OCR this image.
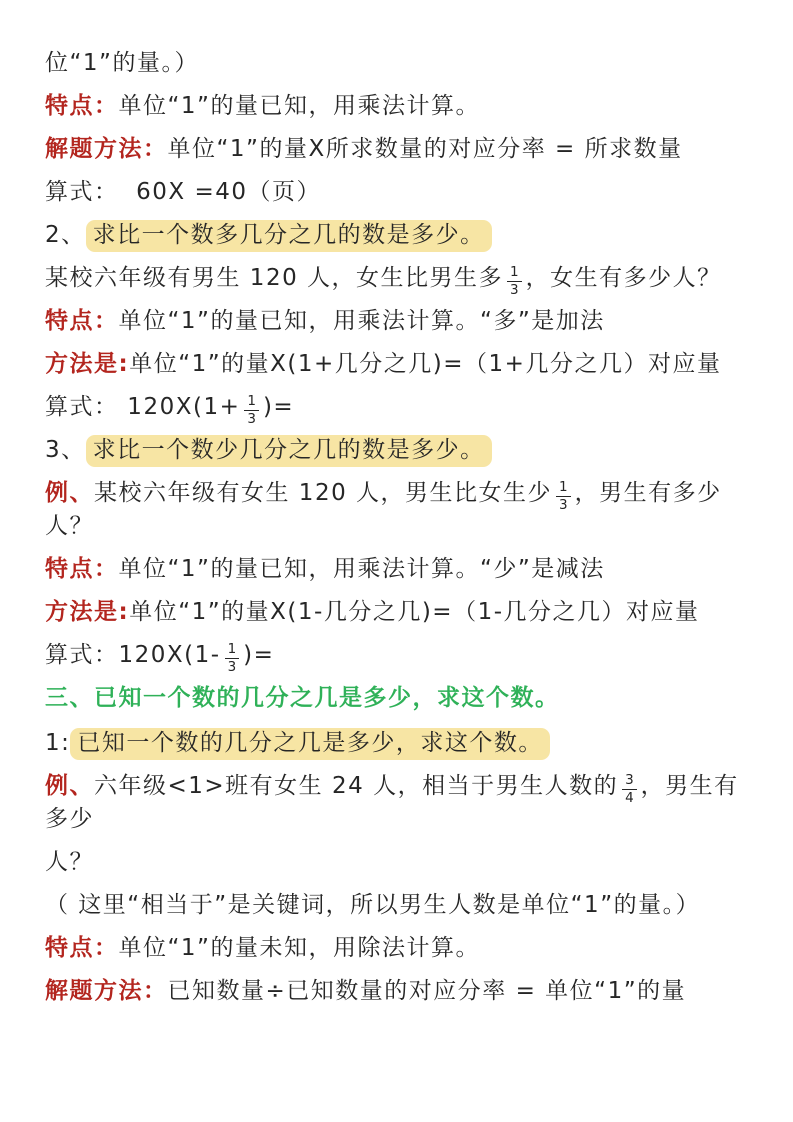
位“1”的量。）
特点：单位“1”的量已知，用乘法计算。
解题方法：单位“1”的量X所求数量的对应分率 = 所求数量
算式：  60X =40（页）
2、 求比一个数多几分之几的数是多少。
某校六年级有男生 120 人，女生比男生多 $\frac{1}{3}$ ，女生有多少人？
特点：单位“1”的量已知，用乘法计算。“多”是加法
方法是:单位“1”的量X(1+几分之几)=（1+几分之几）对应量
算式： $120X(1+ \frac{1}{3}$ )=
3、 求比一个数少几分之几的数是多少。
例、某校六年级有女生 120 人，男生比女生少 $\frac{1}{3}$ ，男生有多少人？
特点：单位“1”的量已知，用乘法计算。“少”是减法
方法是:单位“1”的量X(1-几分之几)=（1-几分之几）对应量
算式：$120X(1- \frac{1}{3}$ )=
三、已知一个数的几分之几是多少，求这个数。
1: 已知一个数的几分之几是多少，求这个数。
例、六年级<1>班有女生 24 人，相当于男生人数的 $\frac{3}{4}$ ，男生有多少
人？
（ 这里“相当于”是关键词，所以男生人数是单位“1”的量。）
特点：单位“1”的量未知，用除法计算。
解题方法：已知数量÷已知数量的对应分率 = 单位“1”的量
